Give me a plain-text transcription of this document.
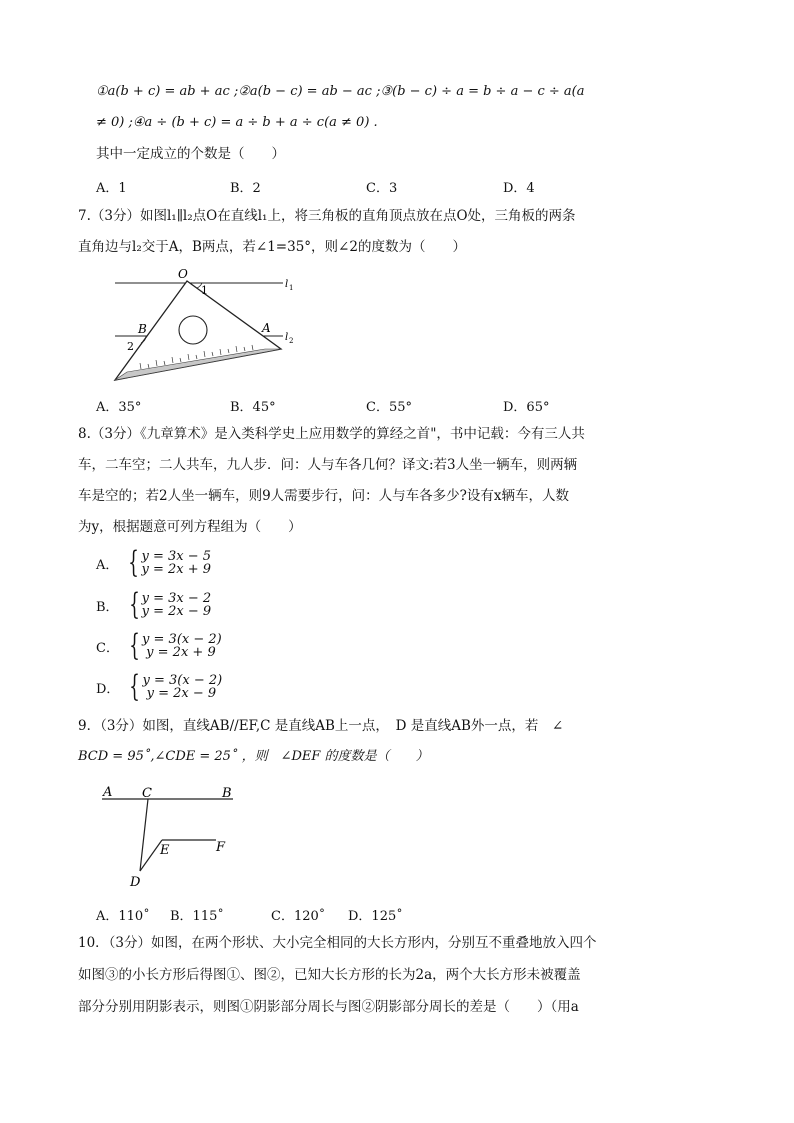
①a(b + c) = ab + ac ;②a(b − c) = ab − ac ;③(b − c) ÷ a = b ÷ a − c ÷ a(a
≠ 0) ;④a ÷ (b + c) = a ÷ b + a ÷ c(a ≠ 0) .
其中一定成立的个数是（　　）
A．1	B．2	C．3	D．4
7.（3分）如图l₁∥l₂点O在直线l₁上，将三角板的直角顶点放在点O处，三角板的两条
直角边与l₂交于A，B两点，若∠1=35°，则∠2的度数为（　　）
O
1
B	A
2
l 1
l 2
A．35°	B．45°	C．55°	D．65°
8.（3分）《九章算术》是入类科学史上应用数学的算经之首"，书中记载：今有三人共
车，二车空；二人共车，九人步．问：人与车各几何？译文:若3人坐一辆车，则两辆
车是空的；若2人坐一辆车，则9人需要步行，问：人与车各多少?设有x辆车，人数
为y，根据题意可列方程组为（　　）
A． { y = 3x − 5
y = 2x + 9
B． { y = 3x − 2
y = 2x − 9
C． { y = 3(x − 2)
y = 2x + 9
D． { y = 3(x − 2)
y = 2x − 9
9．（3分）如图，直线AB//EF,C 是直线AB上一点，　D 是直线AB外一点，若　∠
BCD = 95˚,∠CDE = 25˚ ，则　∠DEF 的度数是（　　）
A C	B
E	F
D
A．110˚ B．115˚	C．120˚ D．125˚
10．（3分）如图，在两个形状、大小完全相同的大长方形内，分别互不重叠地放入四个
如图③的小长方形后得图①、图②，已知大长方形的长为2a，两个大长方形未被覆盖
部分分别用阴影表示，则图①阴影部分周长与图②阴影部分周长的差是（　　）（用a
